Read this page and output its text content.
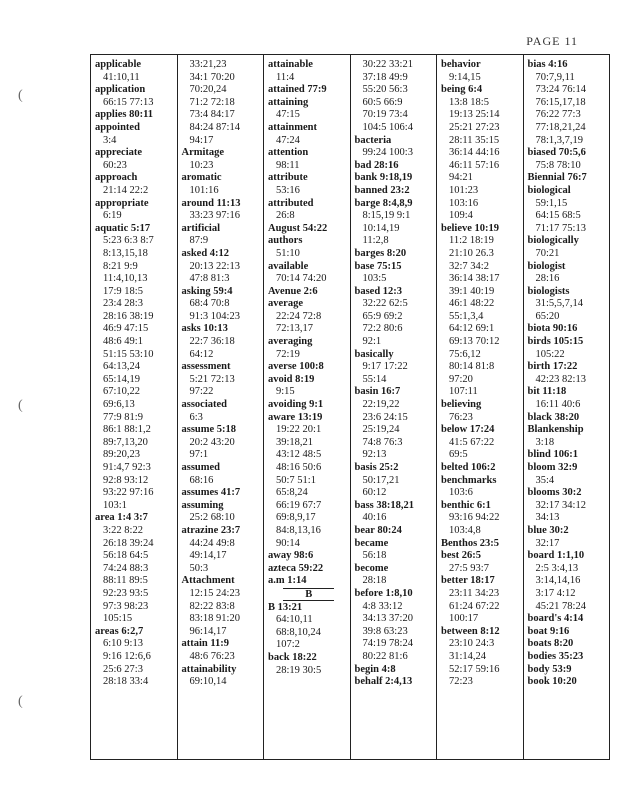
PAGE 11
(
(
(
applicable
41:10,11
application
66:15 77:13
applies 80:11
appointed
3:4
appreciate
60:23
approach
21:14 22:2
appropriate
6:19
aquatic 5:17
5:23 6:3 8:7
8:13,15,18
8:21 9:9
11:4,10,13
17:9 18:5
23:4 28:3
28:16 38:19
46:9 47:15
48:6 49:1
51:15 53:10
64:13,24
65:14,19
67:10,22
69:6,13
77:9 81:9
86:1 88:1,2
89:7,13,20
89:20,23
91:4,7 92:3
92:8 93:12
93:22 97:16
103:1
area 1:4 3:7
3:22 8:22
26:18 39:24
56:18 64:5
74:24 88:3
88:11 89:5
92:23 93:5
97:3 98:23
105:15
areas 6:2,7
6:10 9:13
9:16 12:6,6
25:6 27:3
28:18 33:4
33:21,23
34:1 70:20
70:20,24
71:2 72:18
73:4 84:17
84:24 87:14
94:17
Armitage
10:23
aromatic
101:16
around 11:13
33:23 97:16
artificial
87:9
asked 4:12
20:13 22:13
47:8 81:3
asking 59:4
68:4 70:8
91:3 104:23
asks 10:13
22:7 36:18
64:12
assessment
5:21 72:13
97:22
associated
6:3
assume 5:18
20:2 43:20
97:1
assumed
68:16
assumes 41:7
assuming
25:2 68:10
atrazine 23:7
44:24 49:8
49:14,17
50:3
Attachment
12:15 24:23
82:22 83:8
83:18 91:20
96:14,17
attain 11:9
48:6 76:23
attainability
69:10,14
attainable
11:4
attained 77:9
attaining
47:15
attainment
47:24
attention
98:11
attribute
53:16
attributed
26:8
August 54:22
authors
51:10
available
70:14 74:20
Avenue 2:6
average
22:24 72:8
72:13,17
averaging
72:19
averse 100:8
avoid 8:19
9:15
avoiding 9:1
aware 13:19
19:22 20:1
39:18,21
43:12 48:5
48:16 50:6
50:7 51:1
65:8,24
66:19 67:7
69:8,9,17
84:8,13,16
90:14
away 98:6
azteca 59:22
a.m 1:14
B
B 13:21
64:10,11
68:8,10,24
107:2
back 18:22
28:19 30:5
30:22 33:21
37:18 49:9
55:20 56:3
60:5 66:9
70:19 73:4
104:5 106:4
bacteria
99:24 100:3
bad 28:16
bank 9:18,19
banned 23:2
barge 8:4,8,9
8:15,19 9:1
10:14,19
11:2,8
barges 8:20
base 75:15
103:5
based 12:3
32:22 62:5
65:9 69:2
72:2 80:6
92:1
basically
9:17 17:22
55:14
basin 16:7
22:19,22
23:6 24:15
25:19,24
74:8 76:3
92:13
basis 25:2
50:17,21
60:12
bass 38:18,21
40:16
bear 80:24
became
56:18
become
28:18
before 1:8,10
4:8 33:12
34:13 37:20
39:8 63:23
74:19 78:24
80:22 81:6
begin 4:8
behalf 2:4,13
behavior
9:14,15
being 6:4
13:8 18:5
19:13 25:14
25:21 27:23
28:11 35:15
36:14 44:16
46:11 57:16
94:21
101:23
103:16
109:4
believe 10:19
11:2 18:19
21:10 26.3
32:7 34:2
36:14 38:17
39:1 40:19
46:1 48:22
55:1,3,4
64:12 69:1
69:13 70:12
75:6,12
80:14 81:8
97:20
107:11
believing
76:23
below 17:24
41:5 67:22
69:5
belted 106:2
benchmarks
103:6
benthic 6:1
93:16 94:22
103:4,8
Benthos 23:5
best 26:5
27:5 93:7
better 18:17
23:11 34:23
61:24 67:22
100:17
between 8:12
23:10 24:3
31:14,24
52:17 59:16
72:23
bias 4:16
70:7,9,11
73:24 76:14
76:15,17,18
76:22 77:3
77:18,21,24
78:1,3,7,19
biased 70:5,6
75:8 78:10
Biennial 76:7
biological
59:1,15
64:15 68:5
71:17 75:13
biologically
70:21
biologist
28:16
biologists
31:5,5,7,14
65:20
biota 90:16
birds 105:15
105:22
birth 17:22
42:23 82:13
bit 11:18
16:11 40:6
black 38:20
Blankenship
3:18
blind 106:1
bloom 32:9
35:4
blooms 30:2
32:17 34:12
34:13
blue 30:2
32:17
board 1:1,10
2:5 3:4,13
3:14,14,16
3:17 4:12
45:21 78:24
board's 4:14
boat 9:16
boats 8:20
bodies 35:23
body 53:9
book 10:20
